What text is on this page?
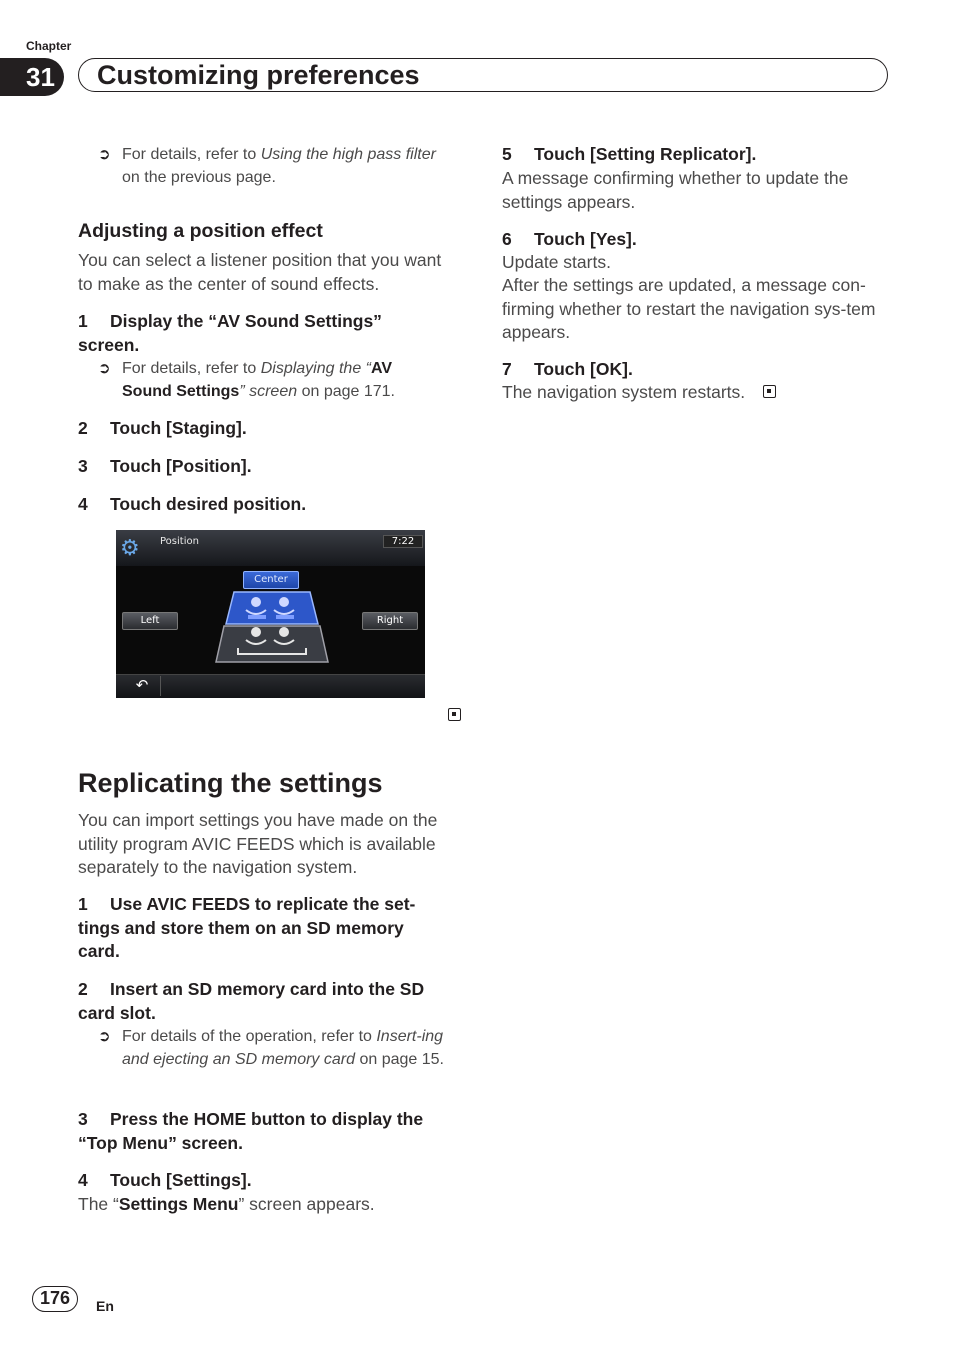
Chapter
31	Customizing preferences
➲ For details, refer to Using the high pass filter
on the previous page.
Adjusting a position effect
You can select a listener position that you want to make as the center of sound effects.
1 Display the “AV Sound Settings”
screen.
➲ For details, refer to Displaying the “AV
Sound Settings” screen on page 171.
2 Touch [Staging].
3 Touch [Position].
4 Touch desired position.
⚙ Position	7:22
Center
Left	Right
↶
Replicating the settings
You can import settings you have made on the utility program AVIC FEEDS which is available separately to the navigation system.
1 Use AVIC FEEDS to replicate the set-
tings and store them on an SD memory
card.
2 Insert an SD memory card into the SD
card slot.
➲ For details of the operation, refer to Insert-ing and ejecting an SD memory card on page 15.
3 Press the HOME button to display the
“Top Menu” screen.
4 Touch [Settings].
The “Settings Menu” screen appears.
5 Touch [Setting Replicator].
A message confirming whether to update the settings appears.
6 Touch [Yes].
Update starts.
After the settings are updated, a message con-firming whether to restart the navigation sys-tem appears.
7 Touch [OK].
The navigation system restarts.
176	En
